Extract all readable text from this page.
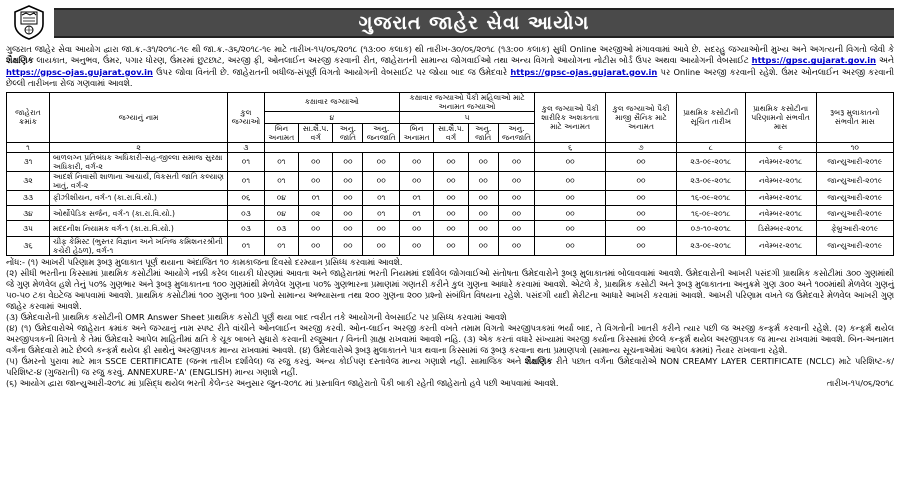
ગુજરાત જાહેર સેવા આયોગ
ગુજરાત જાહેર સેવા આયોગ દ્વારા જા.ક્ર.-૩૧/૨૦૧૮-૧૯ થી જા.ક્ર.-૩૬/૨૦૧૮-૧૯ માટે તારીખ-૧૫/૦૬/૨૦૧૮ (૧૩:૦૦ કલાક) થી તારીખ-૩૦/૦૬/૨૦૧૮ (૧૩:૦૦ કલાક) સુધી Online અરજીઓ મંગાવવામાં આવે છે. સદરહુ જગ્યાઓની મુખ્ય અને અગત્યની વિગતો જેવી કે શૈક્ષણિક લાયકાત, અનુભવ, ઉંમર, પગાર ધોરણ, ઉંમરમાં છુટછાટ, અરજી ફી, ઓનલાઈન અરજી કરવાની રીત, જાહેરાતની સામાન્ય જોગવાઈઓ તથા અન્ય વિગતો આયોગના નોટીસ બોર્ડ ઉપર અથવા આયોગની વેબસાઈટ https://gpsc.gujarat.gov.in અને https://gpsc-ojas.gujarat.gov.in ઉપર જોવા વિનંતી છે. જાહેરાતની બધીજ-સંપૂર્ણ વિગતો આયોગની વેબસાઈટ પર જોયા બાદ જ ઉમેદવારે https://gpsc-ojas.gujarat.gov.in પર Online અરજી કરવાની રહેશે. ઉંમર ઓનલાઈન અરજી કરવાની છેલ્લી તારીખના રોજ ગણવામાં આવશે.
જાહેરાત ક્રમાંક	જગ્યાનું નામ	કુલ જગ્યાઓ	કક્ષાવાર જગ્યાઓ				કક્ષાવાર જગ્યાઓ પૈકી મહિલાઓ માટે અનામત જગ્યાઓ				કુલ જગ્યાઓ પૈકી શારીરિક અશક્તતા માટે અનામત	કુલ જગ્યાઓ પૈકી માજી સૈનિક માટે અનામત	પ્રાથમિક કસોટીની સૂચિત તારીખ	પ્રાથમિક કસોટીના પરિણામનો સંભવીત માસ	રૂબરૂ મુલાકાતનો સંભવીત માસ
			૪				૫								
			બિન અનામત	સા.શૈ.પ. વર્ગ	અનુ. જાતિ	અનુ. જનજાતિ	બિન અનામત	સા.શૈ.પ. વર્ગ	અનુ. જાતિ	અનુ. જનજાતિ					
૧	૨	૩									૬	૭	૮	૯	૧૦
૩૧	બાળલગ્ન પ્રતિબંધક અધિકારી-સહ-જીલ્લા સમાજ સુરક્ષા અધિકારી, વર્ગ-૨	૦૧	૦૧	૦૦	૦૦	૦૦	૦૦	૦૦	૦૦	૦૦	૦૦	૦૦	૨૩-૦૯-૨૦૧૮	નવેમ્બર-૨૦૧૮	જાન્યુઆરી-૨૦૧૯
૩૨	આદર્શ નિવાસી શાળાના આચાર્ય, વિકસતી જાતિ કલ્યાણ ખાતું, વર્ગ-૨	૦૧	૦૧	૦૦	૦૦	૦૦	૦૦	૦૦	૦૦	૦૦	૦૦	૦૦	૨૩-૦૯-૨૦૧૮	નવેમ્બર-૨૦૧૮	જાન્યુઆરી-૨૦૧૯
૩૩	ફીઝીશીયન, વર્ગ-૧ (કા.રા.વિ.યો.)	૦૬	૦૪	૦૧	૦૦	૦૧	૦૧	૦૦	૦૦	૦૦	૦૦	૦૦	૧૬-૦૯-૨૦૧૮	નવેમ્બર-૨૦૧૮	જાન્યુઆરી-૨૦૧૯
૩૪	ઓર્થોપેડિક સર્જન, વર્ગ-૧ (કા.રા.વિ.યો.)	૦૩	૦૪	૦૨	૦૦	૦૧	૦૧	૦૦	૦૦	૦૦	૦૦	૦૦	૧૬-૦૯-૨૦૧૮	નવેમ્બર-૨૦૧૮	જાન્યુઆરી-૨૦૧૯
૩૫	મદદનીશ નિયામક વર્ગ-૧ (કા.રા.વિ.યો.)	૦૩	૦૩	૦૦	૦૦	૦૦	૦૦	૦૦	૦૦	૦૦	૦૦	૦૦	૦૭-૧૦-૨૦૧૮	ડિસેમ્બર-૨૦૧૮	ફેબ્રુઆરી-૨૦૧૯
૩૬	ચીફ કેમિસ્ટ (ભુસ્તર વિજ્ઞાન અને ખનિજ કમિશનરશ્રીની કચેરી હેઠળ), વર્ગ-૧	૦૧	૦૧	૦૦	૦૦	૦૦	૦૦	૦૦	૦૦	૦૦	૦૦	૦૦	૨૩-૦૯-૨૦૧૮	નવેમ્બર-૨૦૧૮	જાન્યુઆરી-૨૦૧૯

નોંધ:- (૧) આખરી પરિણામ રૂબરૂ મુલાકાત પૂર્ણ થયાના અંદાજિત ૧૦ કામકાજના દિવસો દરમ્યાન પ્રસિધ્ધ કરવામાં આવશે.

(૨) સીધી ભરતીના કિસ્સામાં પ્રાથમિક કસોટીમાં આયોગે નક્કી કરેલ લાયકી ધોરણમાં આવતા અને જાહેરાતમાં ભરતી નિયમમાં દર્શાવેલ જોગવાઈઓ સંતોષતા ઉમેદવારોને રૂબરૂ મુલાકાતમાં બોલાવવામાં આવશે. ઉમેદવારોની આખરી પસંદગી પ્રાથમિક કસોટીમાં ૩૦૦ ગુણમાંથી જે ગુણ મેળવેલ હશે તેનું ૫૦% ગુણભાર અને રૂબરૂ મુલાકાતના ૧૦૦ ગુણમાંથી મેળવેલ ગુણના ૫૦% ગુણભારના પ્રમાણમાં ગણતરી કરીને કુલ ગુણના આધારે કરવામાં આવશે. એટલે કે, પ્રાથમિક કસોટી અને રૂબરૂ મુલાકાતના અનુક્રમે ગુણ ૩૦૦ અને ૧૦૦માંથી મેળવેલ ગુણનું ૫૦-૫૦ ટકા વેઇટેજ આપવામાં આવશે. પ્રાથમિક કસોટીમાં ૧૦૦ ગુણના ૧૦૦ પ્રશ્નો સામાન્ય અભ્યાસના તથા ૨૦૦ ગુણના ૨૦૦ પ્રશ્નો સંબંધિત વિષયના રહેશે. પસંદગી યાદી મેરીટના આધારે આખરી કરવામાં આવશે. આખરી પરિણામ વખતે જ ઉમેદવારે મેળવેલ આખરી ગુણ જાહેર કરવામાં આવશે.

(૩) ઉમેદવારોની પ્રાથમિક કસોટીની OMR Answer Sheet પ્રાથમિક કસોટી પૂર્ણ થયા બાદ ત્વરીત તકે આયોગની વેબસાઈટ પર પ્રસિધ્ધ કરવામાં આવશે

(૪) (૧) ઉમેદવારોએ જાહેરાત ક્રમાંક અને જગ્યાનું નામ સ્પષ્ટ રીતે વાંચીને ઓનલાઈન અરજી કરવી. ઓન-લાઈન અરજી કરતી વખતે તમામ વિગતો અરજીપત્રકમાં ભર્યા બાદ, તે વિગતોની ખાતરી કરીને ત્યાર પછી જ અરજી કન્ફર્મ કરવાની રહેશે. (૨) કન્ફર્મ થયેલ અરજીપત્રકની વિગતો કે તેમાં ઉમેદવારે આપેલ માહિતીમાં ક્ષતિ કે ચૂક બાબતે સુધારો કરવાની રજૂઆત / વિનંતી ગ્રાહ્ય રાખવામાં આવશે નહિ. (૩) એક કરતાં વધારે સંખ્યામાં અરજી કર્યાના કિસ્સામાં છેલ્લે કન્ફર્મ થયેલ અરજીપત્રક જ માન્ય રાખવામાં આવશે. બિન-અનામત વર્ગના ઉમેદવારો માટે છેલ્લે કન્ફર્મ થયેલ ફી સાથેનું અરજીપત્રક માન્ય રાખવામાં આવશે. (૪) ઉમેદવારોએ રૂબરૂ મુલાકાતને પાત્ર થવાના કિસ્સામાં જ રૂબરૂ કરવાના થતા પ્રમાણપત્રો (સામાન્ય સૂચનાઓમાં આપેલ ક્રમમાં) તૈયાર રાખવાના રહેશે.

(૫) ઉંમરનો પુરાવા માટે માત્ર SSCE CERTIFICATE (જન્મ તારીખ દર્શાવેલ) જ રજુ કરવું. અન્ય કોઈપણ દસ્તાવેજ માન્ય ગણાશે નહીં. સામાજિક અને શૈક્ષણિક રીતે પછાત વર્ગના ઉમેદવારોએ NON CREAMY LAYER CERTIFICATE (NCLC) માટે પરિશિષ્ટ-ક/ પરિશિષ્ટ-૪ (ગુજરાતી) જ રજુ કરવું. ANNEXURE-'A' (ENGLISH) માન્ય ગણાશે નહીં.

(૬) આયોગ દ્વારા જાન્યુઆરી-૨૦૧૮ માં પ્રસિદ્ધ થયેલ ભરતી કેલેન્ડર અનુસાર જુન-૨૦૧૮ માં પ્રસ્તાવિત જાહેરાતો પૈકી બાકી રહેતી જાહેરાતો હવે પછી આપવામાં આવશે.	તારીખ-૧૫/૦૬/૨૦૧૮
